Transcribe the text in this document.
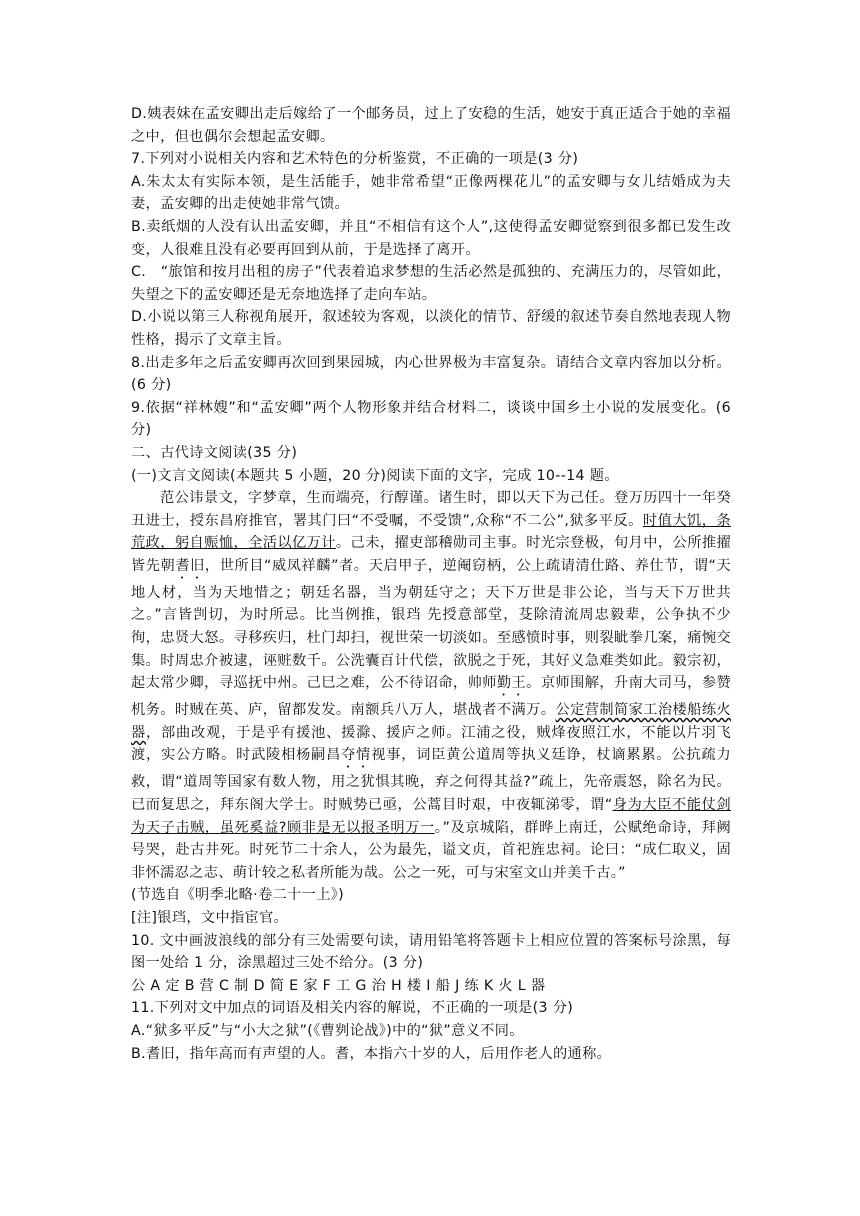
D.姨表妹在孟安卿出走后嫁给了一个邮务员，过上了安稳的生活，她安于真正适合于她的幸福之中，但也偶尔会想起孟安卿。

7.下列对小说相关内容和艺术特色的分析鉴赏，不正确的一项是(3 分)

A.朱太太有实际本领，是生活能手，她非常希望“正像两棵花儿”的孟安卿与女儿结婚成为夫妻，孟安卿的出走使她非常气馈。

B.卖纸烟的人没有认出孟安卿，并且“不相信有这个人”,这使得孟安卿觉察到很多都已发生改变，人很难且没有必要再回到从前，于是选择了离开。

C.　“旅馆和按月出租的房子”代表着追求梦想的生活必然是孤独的、充满压力的，尽管如此，失望之下的孟安卿还是无奈地选择了走向车站。

D.小说以第三人称视角展开，叙述较为客观，以淡化的情节、舒缓的叙述节奏自然地表现人物性格，揭示了文章主旨。

8.出走多年之后孟安卿再次回到果园城，内心世界极为丰富复杂。请结合文章内容加以分析。(6 分)

9.依据“祥林嫂”和“孟安卿”两个人物形象并结合材料二，谈谈中国乡土小说的发展变化。(6 分)

二、古代诗文阅读(35 分)

(一)文言文阅读(本题共 5 小题，20 分)阅读下面的文字，完成 10--14 题。

范公讳景文，字梦章，生而端亮，行醇谨。诸生时，即以天下为己任。登万历四十一年癸丑进士，授东昌府推官，署其门曰“不受嘱，不受馈”,众称“不二公”,狱多平反。时值大饥，条荒政，躬自赈恤，全活以亿万计。己未，擢吏部稽勋司主事。时光宗登极，旬月中，公所推擢皆先朝耆旧，世所目“威凤祥麟”者。天启甲子，逆阉窃柄，公上疏请清仕路、养仕节，谓“天地人材，当为天地惜之；朝廷名器，当为朝廷守之；天下万世是非公论，当与天下万世共之。”言皆剀切，为时所忌。比当例推，银珰 先授意部堂，芟除清流周忠毅辈，公争执不少徇，忠贤大怒。寻移疾归，杜门却扫，视世荣一切淡如。至感愤时事，则裂眦拳几案，痛惋交集。时周忠介被逮，诬赃数千。公洗囊百计代偿，欲脱之于死，其好义急难类如此。毅宗初，起太常少卿，寻巡抚中州。己巳之难，公不待诏命，帅师勤王。京师围解，升南大司马，参赞机务。时贼在英、庐，留都发发。南额兵八万人，堪战者不满万。公定营制简家工治楼船练火器，部曲改观，于是乎有援池、援滁、援庐之师。江浦之役，贼烽夜照江水，不能以片羽飞渡，实公方略。时武陵相杨嗣昌夺情视事，词臣黄公道周等执义廷诤，杖谪累累。公抗疏力救，谓“道周等国家有数人物，用之犹惧其晚，弃之何得其益?”疏上，先帝震怒，除名为民。已而复思之，拜东阁大学士。时贼势已亟，公蒿目时艰，中夜辄涕零，谓“身为大臣不能仗剑为天子击贼，虽死奚益?顾非是无以报圣明万一。”及京城陷，群晔上南迁，公赋绝命诗，拜阙号哭，赴古井死。时死节二十余人，公为最先，谥文贞，首祀旌忠祠。论曰：“成仁取义，固非怀濡忍之志、萌计较之私者所能为哉。公之一死，可与宋室文山并美千古。”

(节选自《明季北略·卷二十一上》)

[注]银珰，文中指宦官。

10. 文中画波浪线的部分有三处需要句读，请用铅笔将答题卡上相应位置的答案标号涂黑，每图一处给 1 分，涂黑超过三处不给分。(3 分)

公 A 定 B 营 C 制 D 简 E 家 F 工 G 治 H 楼 I 船 J 练 K 火 L 器

11.下列对文中加点的词语及相关内容的解说，不正确的一项是(3 分)

A.“狱多平反”与“小大之狱”(《曹刿论战》)中的“狱”意义不同。

B.耆旧，指年高而有声望的人。耆，本指六十岁的人，后用作老人的通称。
